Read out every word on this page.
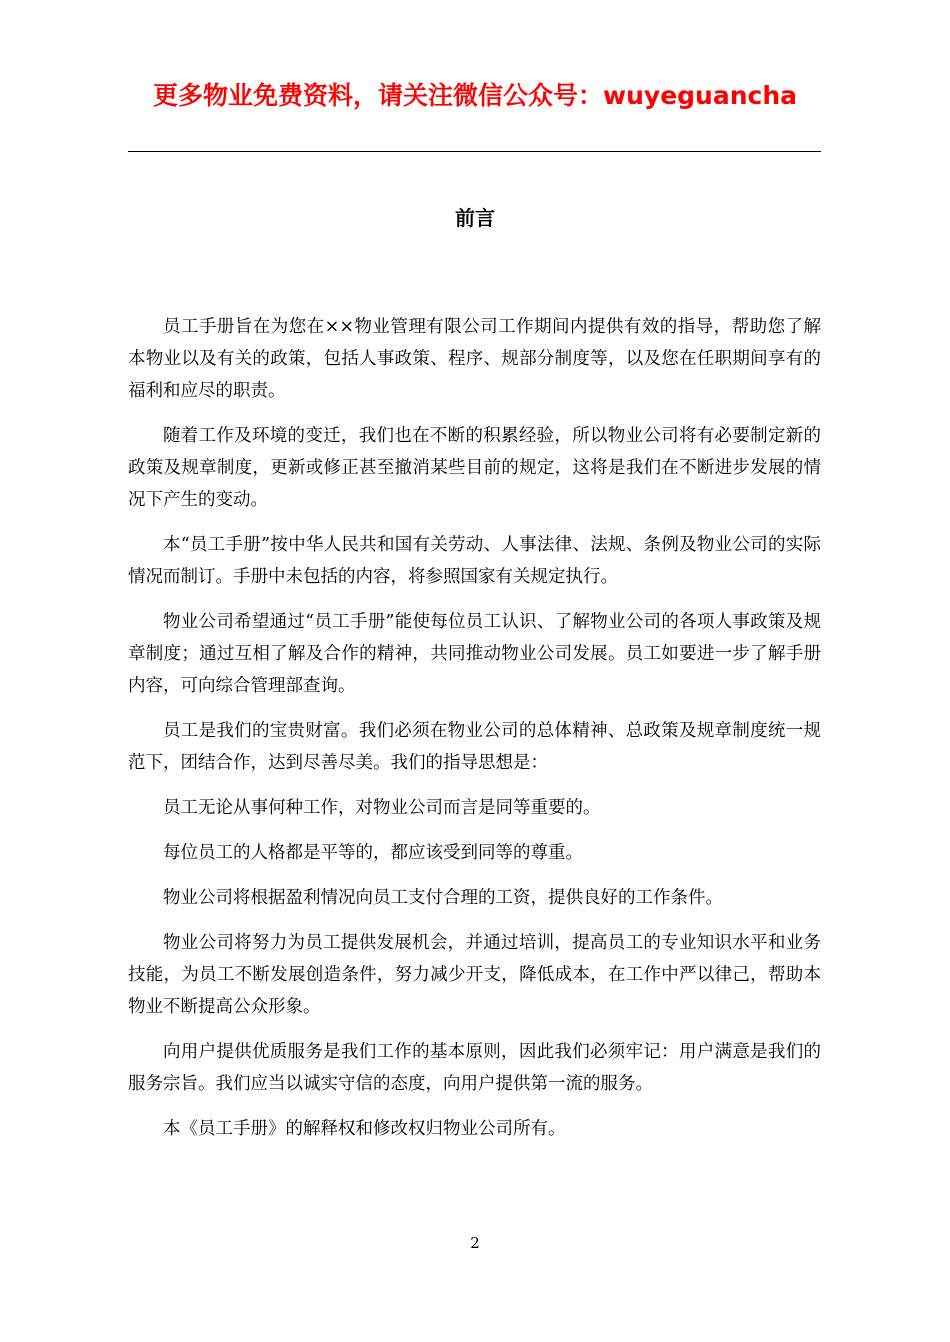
更多物业免费资料，请关注微信公众号：wuyeguancha
前言

员工手册旨在为您在××物业管理有限公司工作期间内提供有效的指导，帮助您了解本物业以及有关的政策，包括人事政策、程序、规部分制度等，以及您在任职期间享有的福利和应尽的职责。

随着工作及环境的变迁，我们也在不断的积累经验，所以物业公司将有必要制定新的政策及规章制度，更新或修正甚至撤消某些目前的规定，这将是我们在不断进步发展的情况下产生的变动。

本“员工手册”按中华人民共和国有关劳动、人事法律、法规、条例及物业公司的实际情况而制订。手册中未包括的内容，将参照国家有关规定执行。

物业公司希望通过“员工手册”能使每位员工认识、了解物业公司的各项人事政策及规章制度；通过互相了解及合作的精神，共同推动物业公司发展。员工如要进一步了解手册内容，可向综合管理部查询。

员工是我们的宝贵财富。我们必须在物业公司的总体精神、总政策及规章制度统一规范下，团结合作，达到尽善尽美。我们的指导思想是：

员工无论从事何种工作，对物业公司而言是同等重要的。

每位员工的人格都是平等的，都应该受到同等的尊重。

物业公司将根据盈利情况向员工支付合理的工资，提供良好的工作条件。

物业公司将努力为员工提供发展机会，并通过培训，提高员工的专业知识水平和业务技能，为员工不断发展创造条件，努力减少开支，降低成本，在工作中严以律己，帮助本物业不断提高公众形象。

向用户提供优质服务是我们工作的基本原则，因此我们必须牢记：用户满意是我们的服务宗旨。我们应当以诚实守信的态度，向用户提供第一流的服务。

本《员工手册》的解释权和修改权归物业公司所有。

2
